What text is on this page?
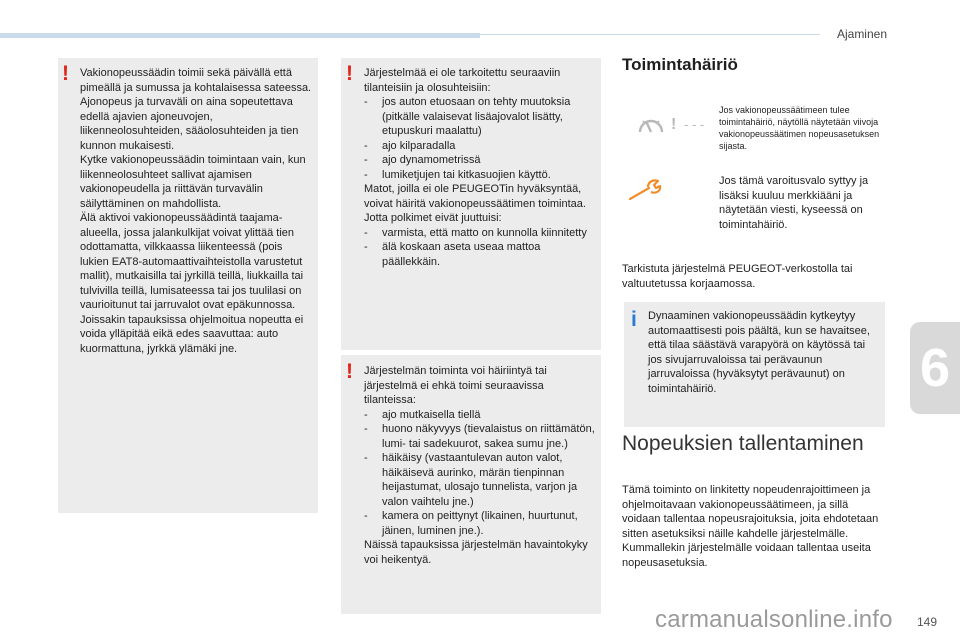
Ajaminen
6
! Vakionopeussäädin toimii sekä päivällä että pimeällä ja sumussa ja kohtalaisessa sateessa.

Ajonopeus ja turvaväli on aina sopeutettava edellä ajavien ajoneuvojen, liikenneolosuhteiden, sääolosuhteiden ja tien kunnon mukaisesti.

Kytke vakionopeussäädin toimintaan vain, kun liikenneolosuhteet sallivat ajamisen vakionopeudella ja riittävän turvavälin säilyttäminen on mahdollista.

Älä aktivoi vakionopeussäädintä taajama-alueella, jossa jalankulkijat voivat ylittää tien odottamatta, vilkkaassa liikenteessä (pois lukien EAT8-automaattivaihteistolla varustetut mallit), mutkaisilla tai jyrkillä teillä, liukkailla tai tulvivilla teillä, lumisateessa tai jos tuulilasi on vaurioitunut tai jarruvalot ovat epäkunnossa.

Joissakin tapauksissa ohjelmoitua nopeutta ei voida ylläpitää eikä edes saavuttaa: auto kuormattuna, jyrkkä ylämäki jne.

! Järjestelmää ei ole tarkoitettu seuraaviin tilanteisiin ja olosuhteisiin:

- jos auton etuosaan on tehty muutoksia (pitkälle valaisevat lisäajovalot lisätty, etupuskuri maalattu)
- ajo kilparadalla
- ajo dynamometrissä
- lumiketjujen tai kitkasuojien käyttö.

Matot, joilla ei ole PEUGEOTin hyväksyntää, voivat häiritä vakionopeussäätimen toimintaa.

Jotta polkimet eivät juuttuisi:

- varmista, että matto on kunnolla kiinnitetty
- älä koskaan aseta useaa mattoa päällekkäin.
! Järjestelmän toiminta voi häiriintyä tai järjestelmä ei ehkä toimi seuraavissa tilanteissa:

- ajo mutkaisella tiellä
- huono näkyvyys (tievalaistus on riittämätön, lumi- tai sadekuurot, sakea sumu jne.)
- häikäisy (vastaantulevan auton valot, häikäisevä aurinko, märän tienpinnan heijastumat, ulosajo tunnelista, varjon ja valon vaihtelu jne.)
- kamera on peittynyt (likainen, huurtunut, jäinen, luminen jne.).

Näissä tapauksissa järjestelmän havaintokyky voi heikentyä.

Toimintahäiriö
! - - -
Jos vakionopeussäätimeen tulee toimintahäiriö, näytöllä näytetään viivoja vakionopeussäätimen nopeusasetuksen sijasta.
Jos tämä varoitusvalo syttyy ja lisäksi kuuluu merkkiääni ja näytetään viesti, kyseessä on toimintahäiriö.
Tarkistuta järjestelmä PEUGEOT-verkostolla tai valtuutetussa korjaamossa.
i Dynaaminen vakionopeussäädin kytkeytyy automaattisesti pois päältä, kun se havaitsee, että tilaa säästävä varapyörä on käytössä tai jos sivujarruvaloissa tai perävaunun jarruvaloissa (hyväksytyt perävaunut) on toimintahäiriö.
Nopeuksien tallentaminen
Tämä toiminto on linkitetty nopeudenrajoittimeen ja ohjelmoitavaan vakionopeussäätimeen, ja sillä voidaan tallentaa nopeusrajoituksia, joita ehdotetaan sitten asetuksiksi näille kahdelle järjestelmälle. Kummallekin järjestelmälle voidaan tallentaa useita nopeusasetuksia.
carmanualsonline.info 149
